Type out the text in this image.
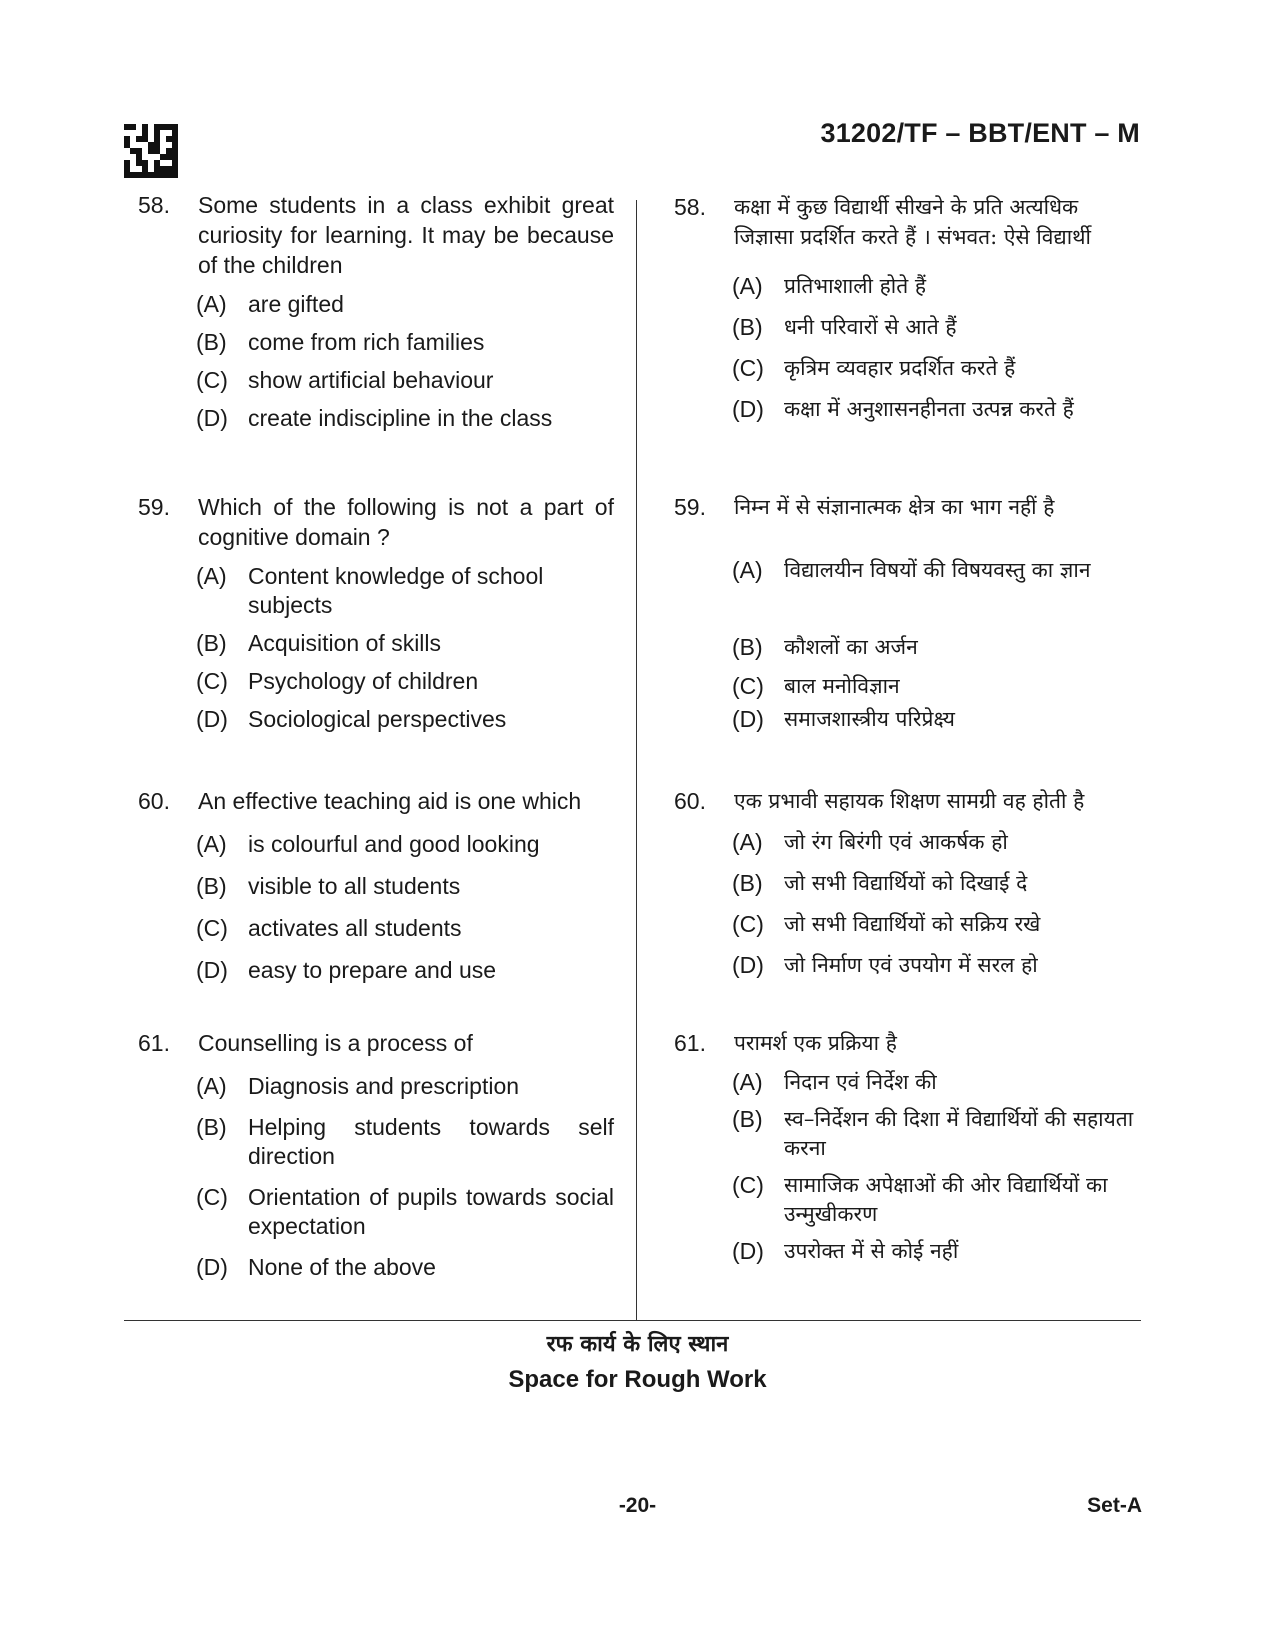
31202/TF – BBT/ENT – M
58.	Some students in a class exhibit great curiosity for learning. It may be because of the children
(A) are gifted
(B) come from rich families
(C) show artificial behaviour
(D) create indiscipline in the class
59.	Which of the following is not a part of cognitive domain ?
(A) Content knowledge of school subjects
(B) Acquisition of skills
(C) Psychology of children
(D) Sociological perspectives
60.	An effective teaching aid is one which
(A) is colourful and good looking
(B) visible to all students
(C) activates all students
(D) easy to prepare and use
61.	Counselling is a process of
(A) Diagnosis and prescription
(B) Helping students towards self direction
(C) Orientation of pupils towards social expectation
(D) None of the above
58.	कक्षा में कुछ विद्यार्थी सीखने के प्रति अत्यधिक जिज्ञासा प्रदर्शित करते हैं । संभवत: ऐसे विद्यार्थी
(A)	प्रतिभाशाली होते हैं
(B)	धनी परिवारों से आते हैं
(C) कृत्रिम व्यवहार प्रदर्शित करते हैं
(D) कक्षा में अनुशासनहीनता उत्पन्न करते हैं
59.	निम्न में से संज्ञानात्मक क्षेत्र का भाग नहीं है
(A)	विद्यालयीन विषयों की विषयवस्तु का ज्ञान
(B)	कौशलों का अर्जन
(C) बाल मनोविज्ञान
(D) समाजशास्त्रीय परिप्रेक्ष्य
60.	एक प्रभावी सहायक शिक्षण सामग्री वह होती है
(A)	जो रंग बिरंगी एवं आकर्षक हो
(B)	जो सभी विद्यार्थियों को दिखाई दे
(C) जो सभी विद्यार्थियों को सक्रिय रखे
(D) जो निर्माण एवं उपयोग में सरल हो
61.	परामर्श एक प्रक्रिया है
(A)	निदान एवं निर्देश की
(B)	स्व–निर्देशन की दिशा में विद्यार्थियों की सहायता करना
(C) सामाजिक अपेक्षाओं की ओर विद्यार्थियों का उन्मुखीकरण
(D) उपरोक्त में से कोई नहीं
रफ कार्य के लिए स्थान
Space for Rough Work
-20-	Set-A
